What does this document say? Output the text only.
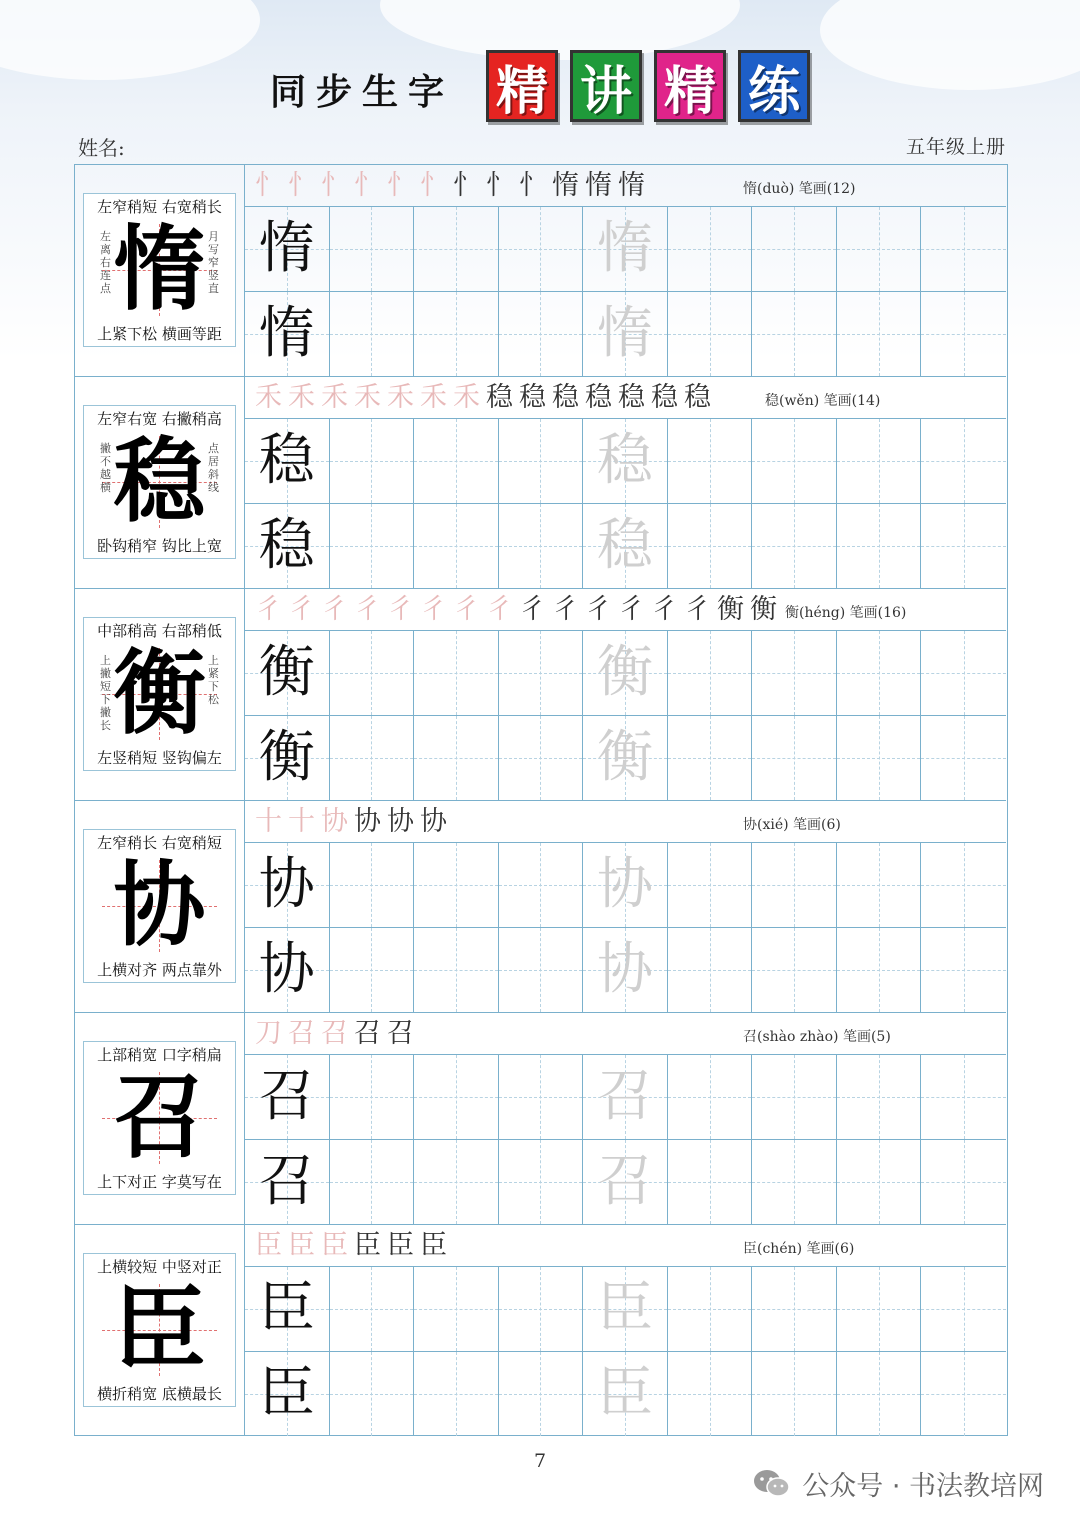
同步生字 精 讲 精 练
姓名:	五年级上册
左窄稍短 右宽稍长
左离右连点
月写窄竖直
惰
上紧下松 横画等距
忄忄忄忄忄忄忄忄忄惰惰惰	惰(duò) 笔画(12)
惰	惰
惰	惰
左窄右宽 右撇稍高
撇不越横
点居斜线
稳
卧钩稍窄 钩比上宽
禾禾禾禾禾禾禾稳稳稳稳稳稳稳	稳(wěn) 笔画(14)
稳	稳
稳	稳
中部稍高 右部稍低
上撇短下撇长
上紧下松
衡
左竖稍短 竖钩偏左
彳彳彳彳彳彳彳彳彳彳彳彳彳彳衡衡 衡(héng) 笔画(16)
衡	衡
衡	衡
左窄稍长 右宽稍短
协
上横对齐 两点靠外
十十协协协协	协(xié) 笔画(6)
协	协
协	协
上部稍宽 口字稍扁
召
上下对正 字莫写在
刀召召召召	召(shào zhào) 笔画(5)
召	召
召	召
上横较短 中竖对正
臣
横折稍宽 底横最长
臣臣臣臣臣臣	臣(chén) 笔画(6)
臣	臣
臣	臣
7
公众号 · 书法教培网
